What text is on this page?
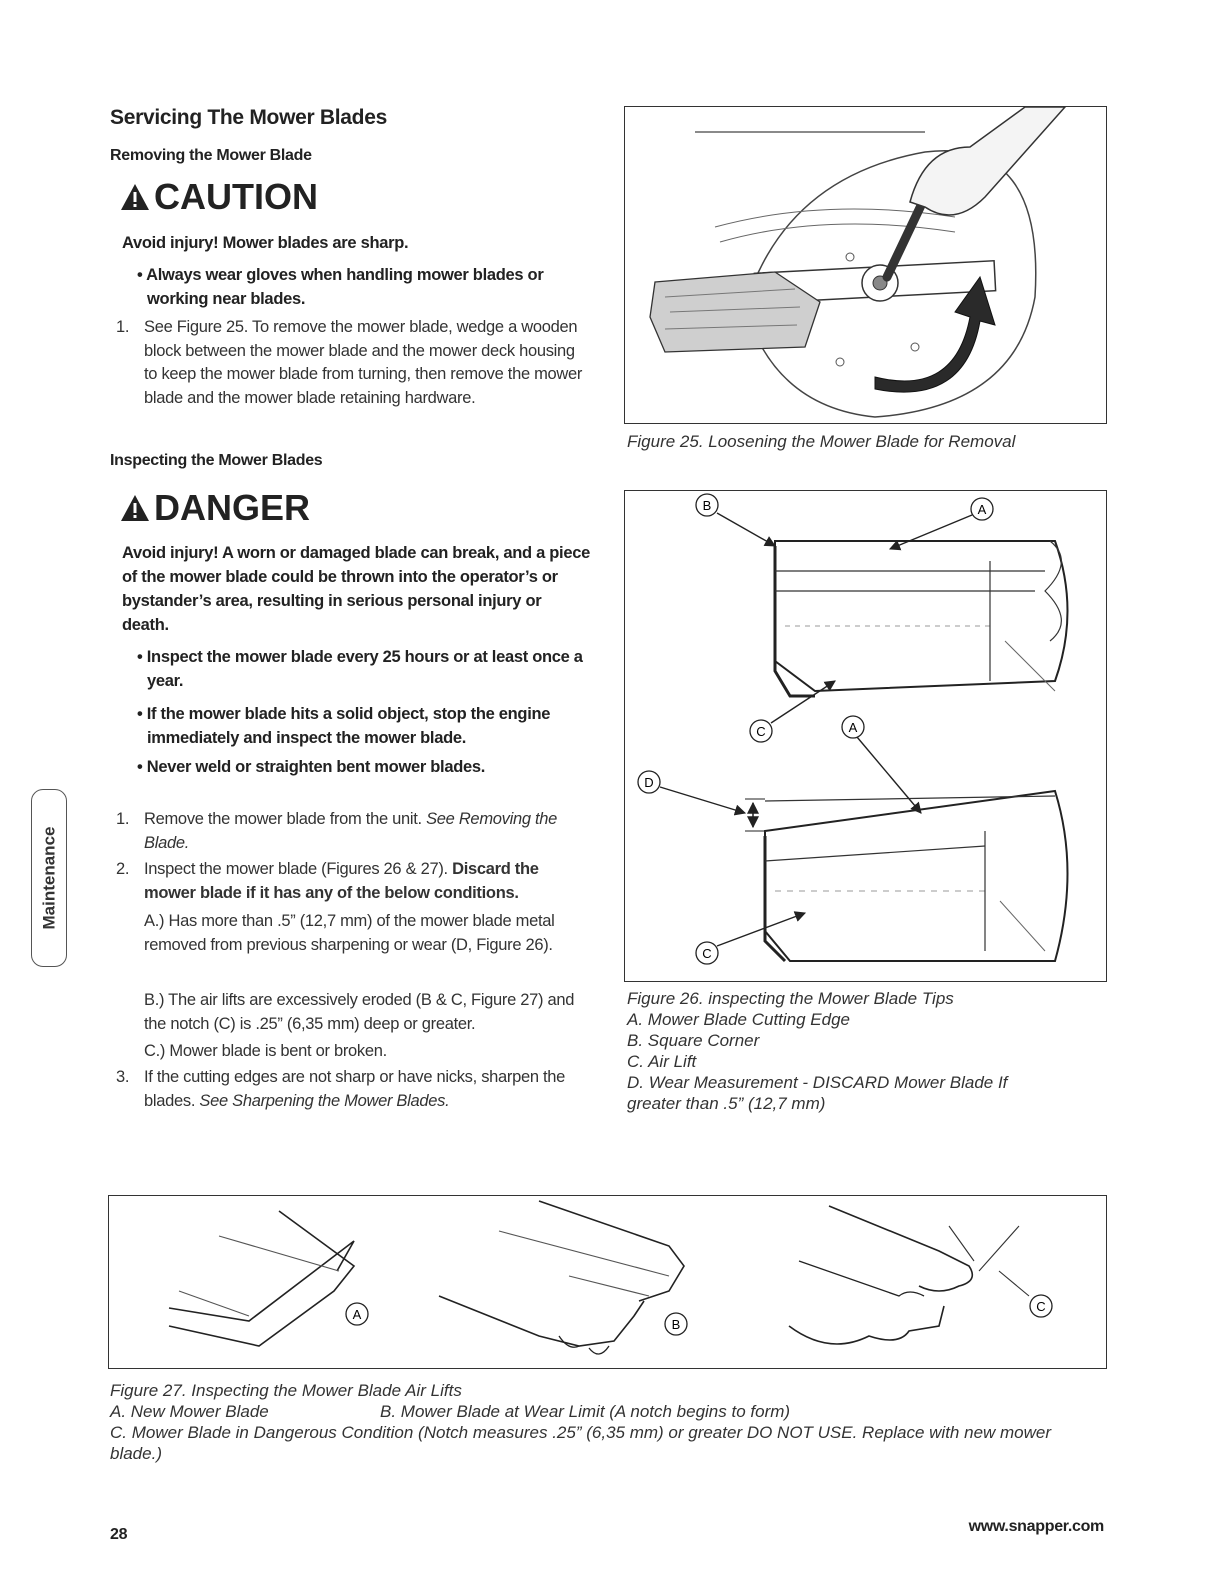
Servicing The Mower Blades
Removing the Mower Blade
CAUTION
Avoid injury! Mower blades are sharp.
• Always wear gloves when handling mower blades or working near blades.
1. See Figure 25. To remove the mower blade, wedge a wooden block between the mower blade and the mower deck housing to keep the mower blade from turning, then remove the mower blade and the mower blade retaining hardware.
Inspecting the Mower Blades
DANGER
Avoid injury! A worn or damaged blade can break, and a piece of the mower blade could be thrown into the operator’s or bystander’s area, resulting in serious personal injury or death.
• Inspect the mower blade every 25 hours or at least once a year.
• If the mower blade hits a solid object, stop the engine immediately and inspect the mower blade.
• Never weld or straighten bent mower blades.
1. Remove the mower blade from the unit. See Removing the Blade.
2. Inspect the mower blade (Figures 26 & 27). Discard the mower blade if it has any of the below conditions.
A.) Has more than .5” (12,7 mm) of the mower blade metal removed from previous sharpening or wear (D, Figure 26).
B.) The air lifts are excessively eroded (B & C, Figure 27) and the notch (C) is .25” (6,35 mm) deep or greater.
C.) Mower blade is bent or broken.
3. If the cutting edges are not sharp or have nicks, sharpen the blades. See Sharpening the Mower Blades.
Maintenance
Figure 25. Loosening the Mower Blade for Removal
B	A
C	A
D
C
Figure 26. inspecting the Mower Blade Tips
A. Mower Blade Cutting Edge
B. Square Corner
C. Air Lift
D. Wear Measurement - DISCARD Mower Blade If greater than .5” (12,7 mm)
A
B
C
Figure 27. Inspecting the Mower Blade Air Lifts
A. New Mower Blade	B. Mower Blade at Wear Limit (A notch begins to form)
C. Mower Blade in Dangerous Condition (Notch measures .25” (6,35 mm) or greater DO NOT USE. Replace with new mower blade.)
28	www.snapper.com
